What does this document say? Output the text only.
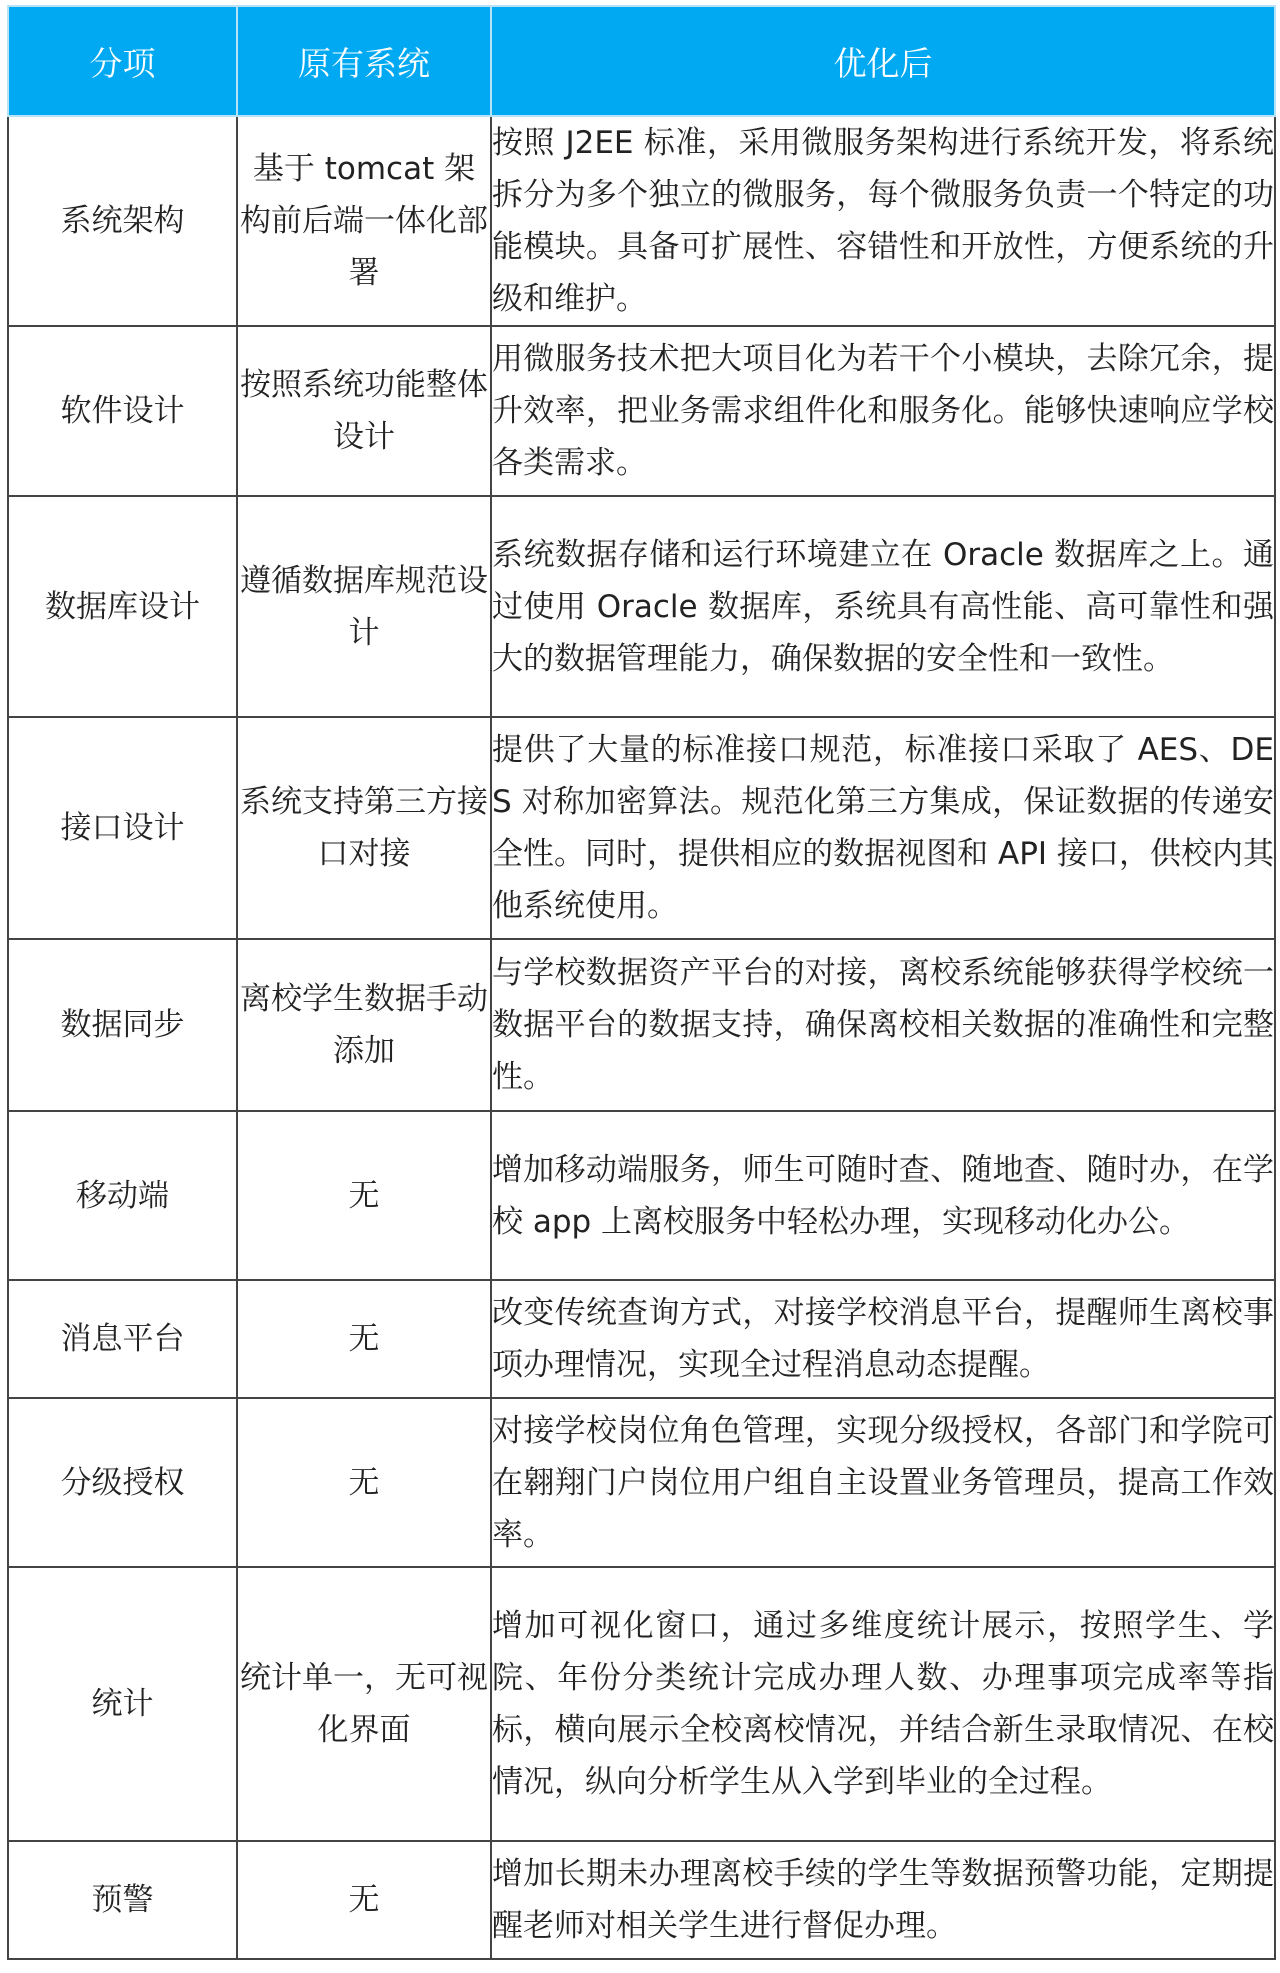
分项	原有系统	优化后
系统架构	基于 tomcat 架构前后端一体化部署	按照 J2EE 标准，采用微服务架构进行系统开发，将系统拆分为多个独立的微服务，每个微服务负责一个特定的功能模块。具备可扩展性、容错性和开放性，方便系统的升级和维护。
软件设计	按照系统功能整体设计	用微服务技术把大项目化为若干个小模块，去除冗余，提升效率，把业务需求组件化和服务化。能够快速响应学校各类需求。
数据库设计	遵循数据库规范设计	系统数据存储和运行环境建立在 Oracle 数据库之上。通过使用 Oracle 数据库，系统具有高性能、高可靠性和强大的数据管理能力，确保数据的安全性和一致性。
接口设计	系统支持第三方接口对接	提供了大量的标准接口规范，标准接口采取了 AES、DES 对称加密算法。规范化第三方集成，保证数据的传递安全性。同时，提供相应的数据视图和 API 接口，供校内其他系统使用。
数据同步	离校学生数据手动添加	与学校数据资产平台的对接，离校系统能够获得学校统一数据平台的数据支持，确保离校相关数据的准确性和完整性。
移动端	无	增加移动端服务，师生可随时查、随地查、随时办，在学校 app 上离校服务中轻松办理，实现移动化办公。
消息平台	无	改变传统查询方式，对接学校消息平台，提醒师生离校事项办理情况，实现全过程消息动态提醒。
分级授权	无	对接学校岗位角色管理，实现分级授权，各部门和学院可在翱翔门户岗位用户组自主设置业务管理员，提高工作效率。
统计	统计单一，无可视化界面	增加可视化窗口，通过多维度统计展示，按照学生、学院、年份分类统计完成办理人数、办理事项完成率等指标，横向展示全校离校情况，并结合新生录取情况、在校情况，纵向分析学生从入学到毕业的全过程。
预警	无	增加长期未办理离校手续的学生等数据预警功能，定期提醒老师对相关学生进行督促办理。
